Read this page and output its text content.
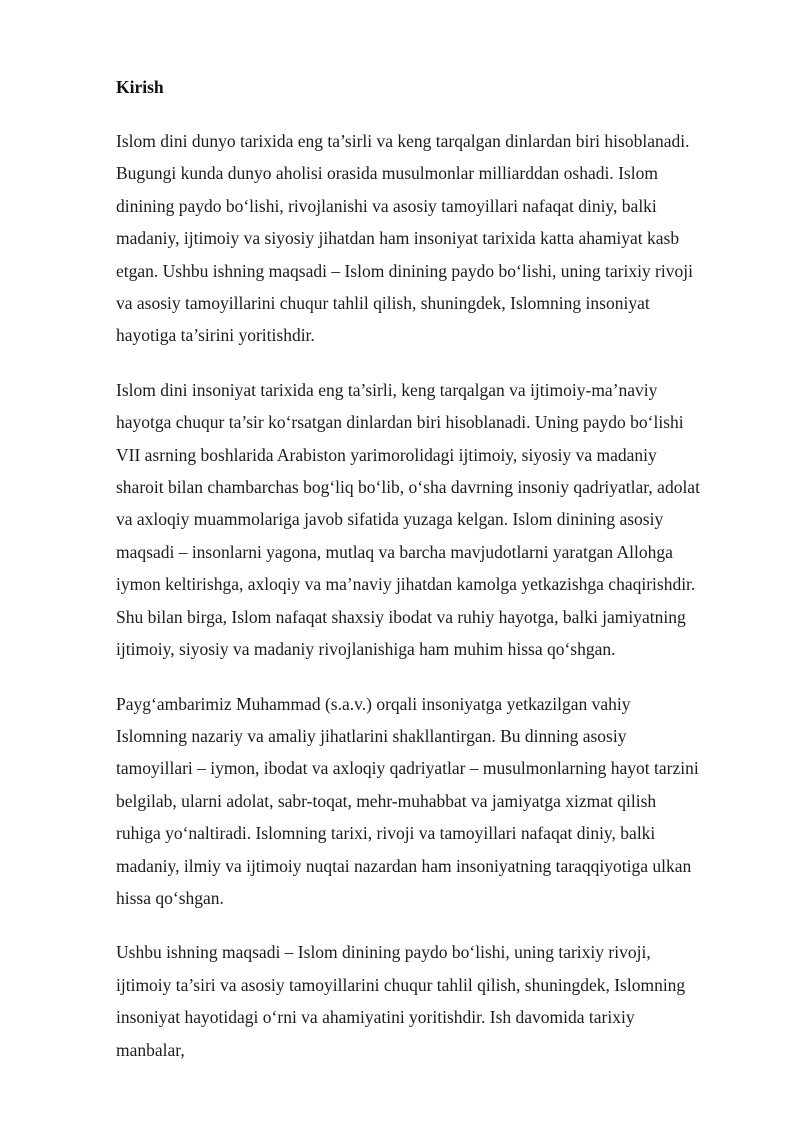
Kirish
Islom dini dunyo tarixida eng ta’sirli va keng tarqalgan dinlardan biri hisoblanadi.
Bugungi kunda dunyo aholisi orasida musulmonlar milliarddan oshadi. Islom
dinining paydo bo‘lishi, rivojlanishi va asosiy tamoyillari nafaqat diniy, balki
madaniy, ijtimoiy va siyosiy jihatdan ham insoniyat tarixida katta ahamiyat kasb
etgan. Ushbu ishning maqsadi – Islom dinining paydo bo‘lishi, uning tarixiy rivoji
va asosiy tamoyillarini chuqur tahlil qilish, shuningdek, Islomning insoniyat
hayotiga ta’sirini yoritishdir.
Islom dini insoniyat tarixida eng ta’sirli, keng tarqalgan va ijtimoiy-ma’naviy
hayotga chuqur ta’sir ko‘rsatgan dinlardan biri hisoblanadi. Uning paydo bo‘lishi
VII asrning boshlarida Arabiston yarimorolidagi ijtimoiy, siyosiy va madaniy
sharoit bilan chambarchas bog‘liq bo‘lib, o‘sha davrning insoniy qadriyatlar, adolat
va axloqiy muammolariga javob sifatida yuzaga kelgan. Islom dinining asosiy
maqsadi – insonlarni yagona, mutlaq va barcha mavjudotlarni yaratgan Allohga
iymon keltirishga, axloqiy va ma’naviy jihatdan kamolga yetkazishga chaqirishdir.
Shu bilan birga, Islom nafaqat shaxsiy ibodat va ruhiy hayotga, balki jamiyatning
ijtimoiy, siyosiy va madaniy rivojlanishiga ham muhim hissa qo‘shgan.
Payg‘ambarimiz Muhammad (s.a.v.) orqali insoniyatga yetkazilgan vahiy
Islomning nazariy va amaliy jihatlarini shakllantirgan. Bu dinning asosiy
tamoyillari – iymon, ibodat va axloqiy qadriyatlar – musulmonlarning hayot tarzini
belgilab, ularni adolat, sabr-toqat, mehr-muhabbat va jamiyatga xizmat qilish
ruhiga yo‘naltiradi. Islomning tarixi, rivoji va tamoyillari nafaqat diniy, balki
madaniy, ilmiy va ijtimoiy nuqtai nazardan ham insoniyatning taraqqiyotiga ulkan
hissa qo‘shgan.
Ushbu ishning maqsadi – Islom dinining paydo bo‘lishi, uning tarixiy rivoji,
ijtimoiy ta’siri va asosiy tamoyillarini chuqur tahlil qilish, shuningdek, Islomning
insoniyat hayotidagi o‘rni va ahamiyatini yoritishdir. Ish davomida tarixiy
manbalar,
